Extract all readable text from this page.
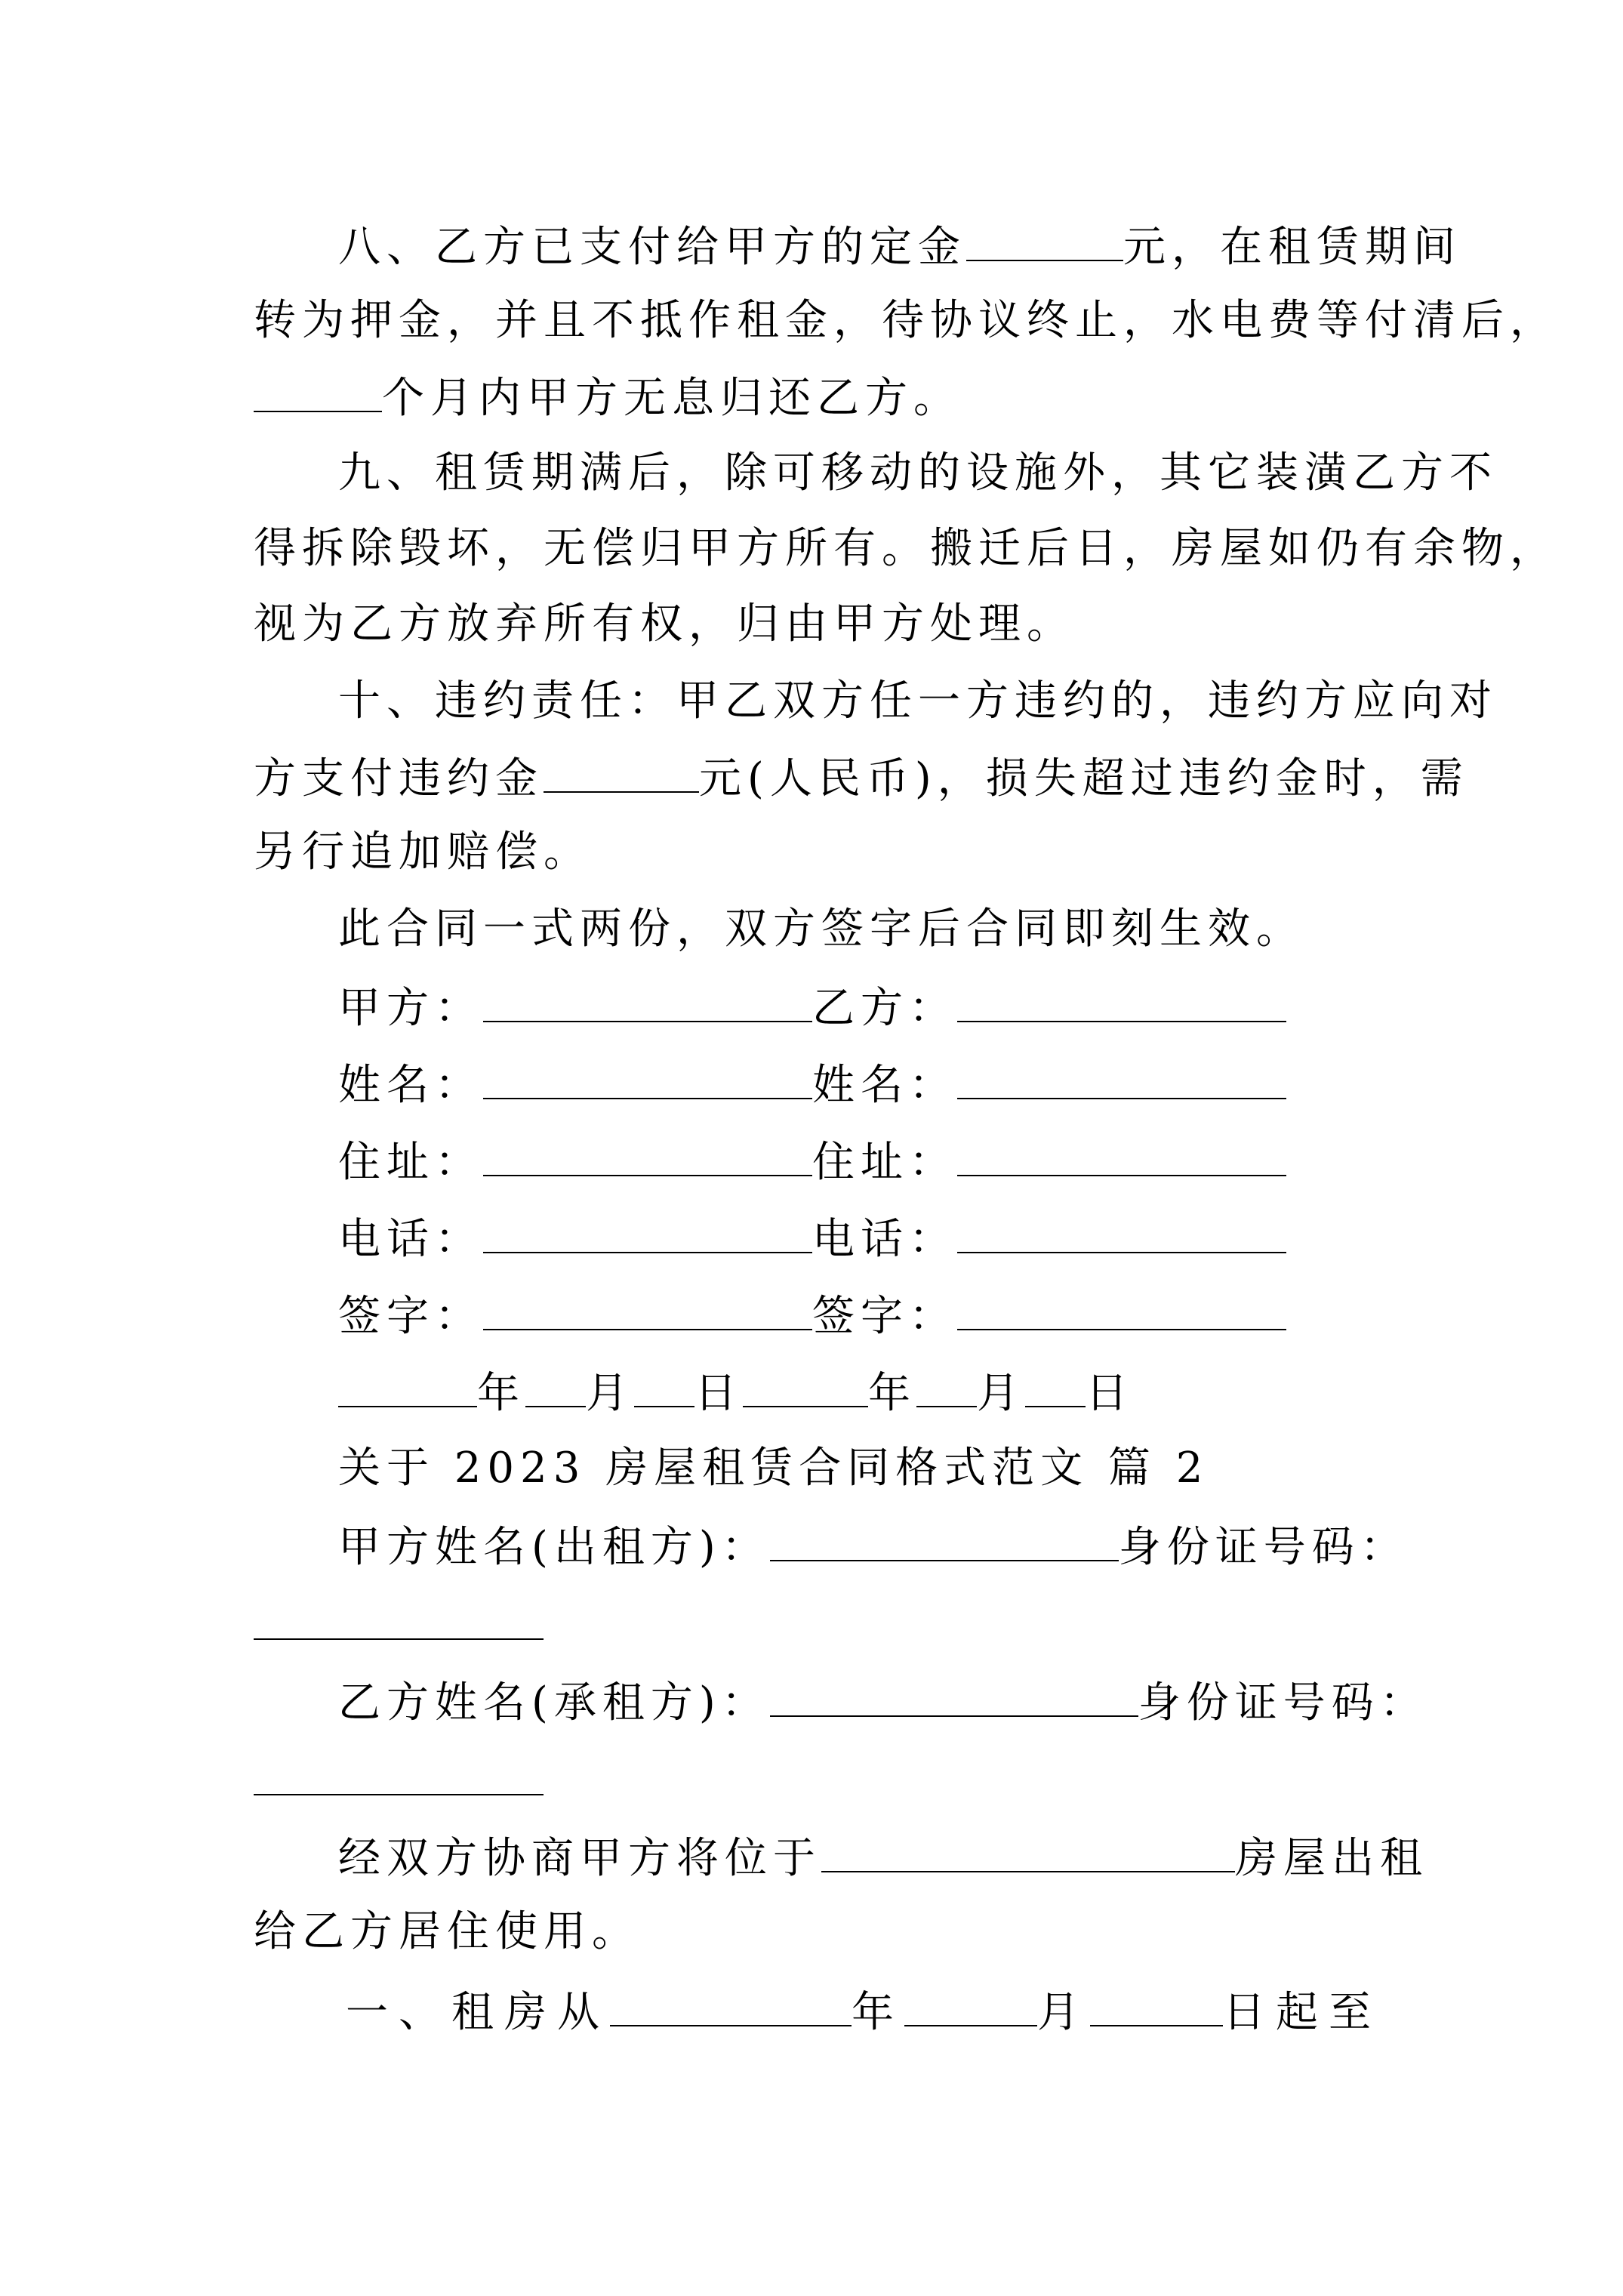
八、乙方已支付给甲方的定金	元，在租赁期间
转为押金，并且不抵作租金，待协议终止，水电费等付清后，
个月内甲方无息归还乙方。
九、租赁期满后，除可移动的设施外，其它装潢乙方不
得拆除毁坏，无偿归甲方所有。搬迁后日，房屋如仍有余物，
视为乙方放弃所有权，归由甲方处理。
十、违约责任：甲乙双方任一方违约的，违约方应向对
方支付违约金	元(人民币)，损失超过违约金时，需
另行追加赔偿。
此合同一式两份，双方签字后合同即刻生效。
甲方：	乙方：
姓名：	姓名：
住址：	住址：
电话：	电话：
签字：	签字：
年 月 日	年 月 日
关于 2023 房屋租赁合同格式范文 篇 2
甲方姓名(出租方)：	身份证号码：
乙方姓名(承租方)：	身份证号码：
经双方协商甲方将位于	房屋出租
给乙方居住使用。
一、租房从	年	月	日起至
